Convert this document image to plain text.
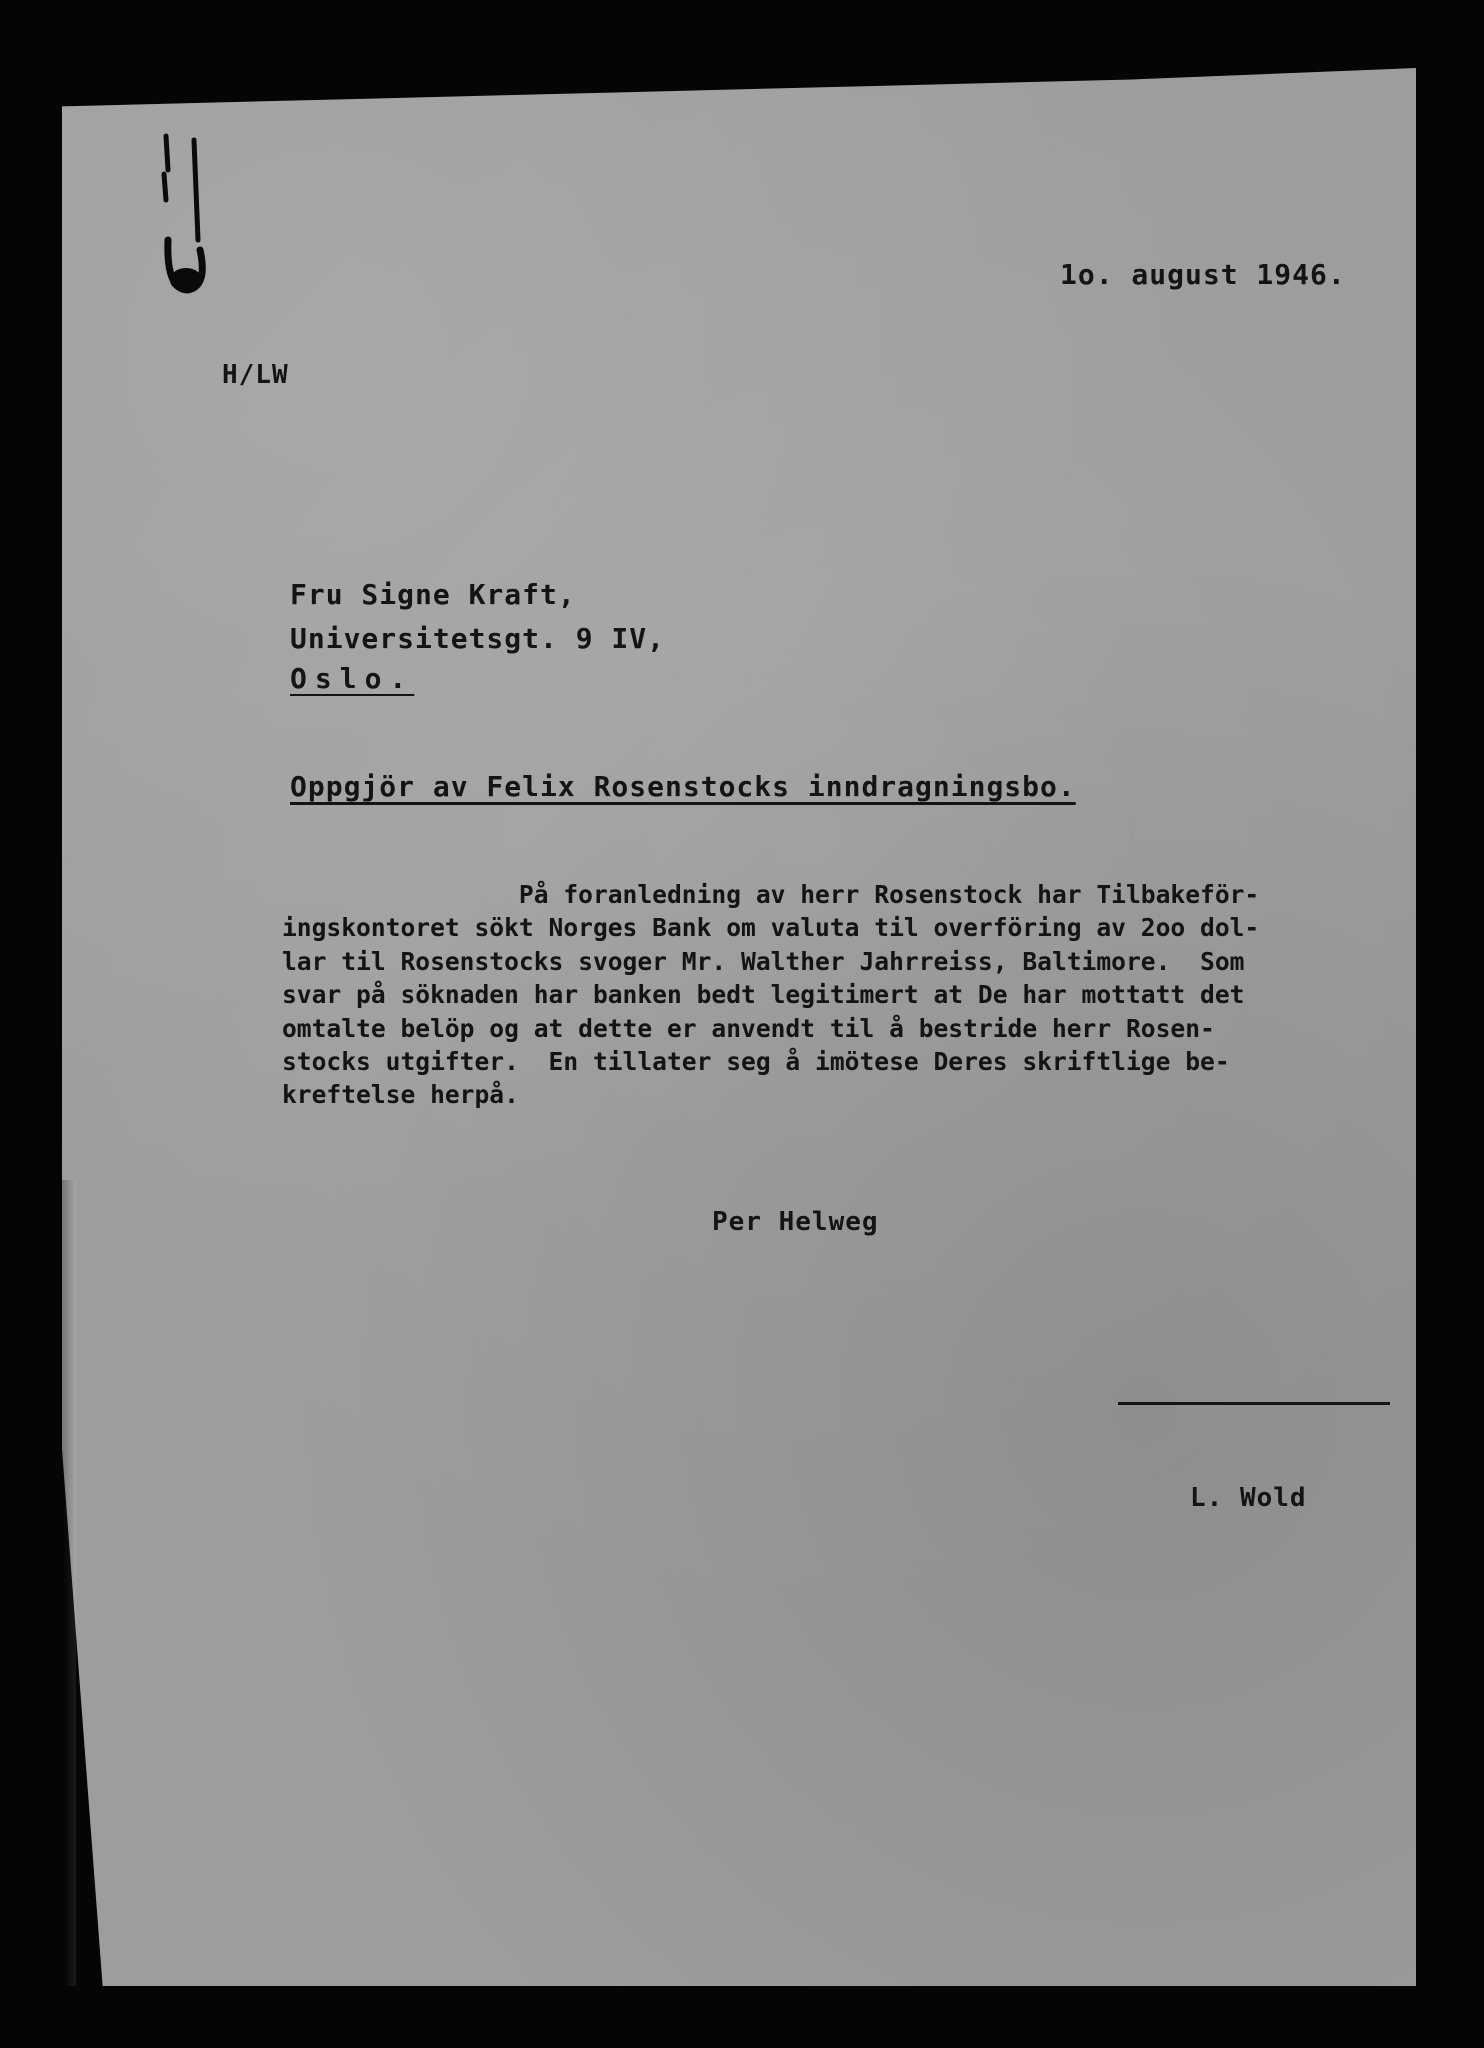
1o. august 1946.
H/LW
Fru Signe Kraft,
Universitetsgt. 9 IV,
Oslo.
Oppgjör av Felix Rosenstocks inndragningsbo.
På foranledning av herr Rosenstock har Tilbakeför-
ingskontoret sökt Norges Bank om valuta til overföring av 2oo dol-
lar til Rosenstocks svoger Mr. Walther Jahrreiss, Baltimore.  Som
svar på söknaden har banken bedt legitimert at De har mottatt det
omtalte belöp og at dette er anvendt til å bestride herr Rosen-
stocks utgifter.  En tillater seg å imötese Deres skriftlige be-
kreftelse herpå.
Per Helweg
L. Wold
